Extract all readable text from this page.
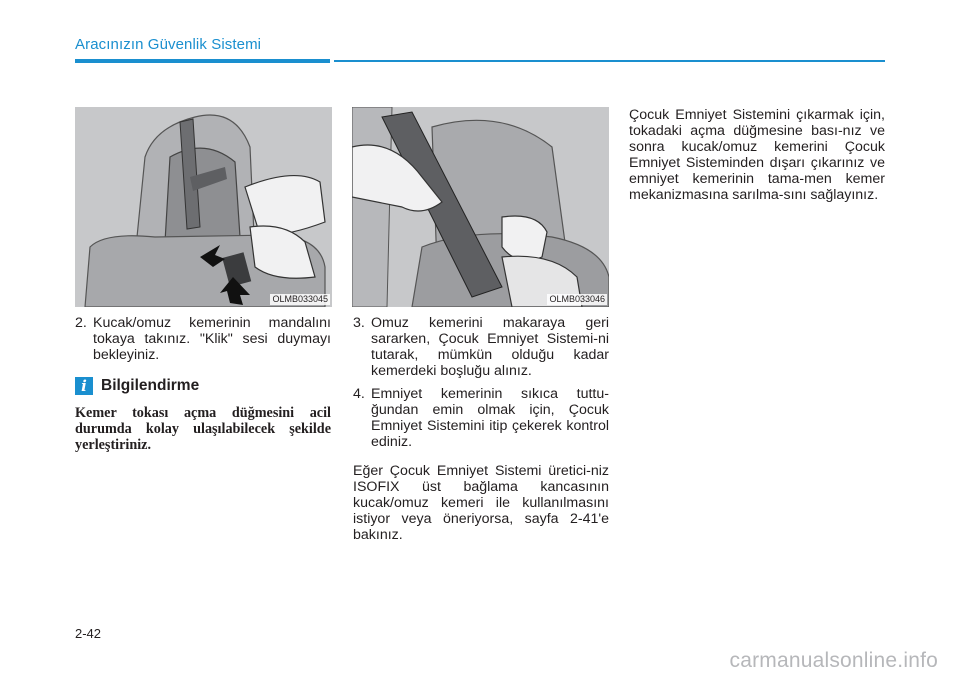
Aracınızın Güvenlik Sistemi
OLMB033045	OLMB033046
2. Kucak/omuz kemerinin mandalını tokaya takınız. "Klik" sesi duymayı bekleyiniz.
i Bilgilendirme
Kemer tokası açma düğmesini acil durumda kolay ulaşılabilecek şekilde yerleştiriniz.
3. Omuz kemerini makaraya geri sararken, Çocuk Emniyet Sistemi-ni tutarak, mümkün olduğu kadar kemerdeki boşluğu alınız.
4. Emniyet kemerinin sıkıca tuttu-ğundan emin olmak için, Çocuk Emniyet Sistemini itip çekerek kontrol ediniz.

Eğer Çocuk Emniyet Sistemi üretici-niz ISOFIX üst bağlama kancasının kucak/omuz kemeri ile kullanılmasını istiyor veya öneriyorsa, sayfa 2-41'e bakınız.

Çocuk Emniyet Sistemini çıkarmak için, tokadaki açma düğmesine bası-nız ve sonra kucak/omuz kemerini Çocuk Emniyet Sisteminden dışarı çıkarınız ve emniyet kemerinin tama-men kemer mekanizmasına sarılma-sını sağlayınız.

2-42
carmanualsonline.info
